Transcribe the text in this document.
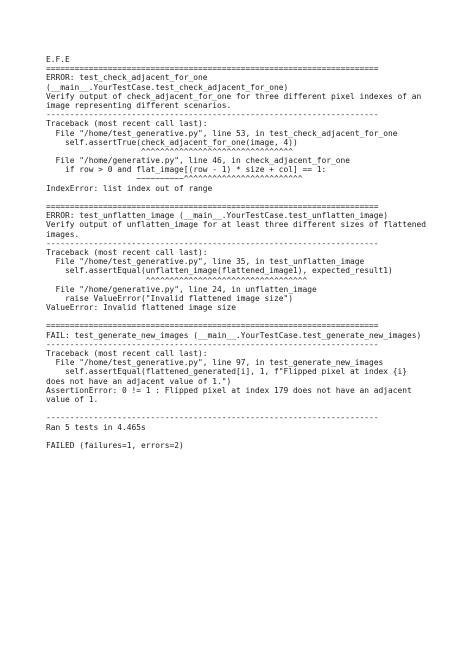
E.F.E
======================================================================
ERROR: test_check_adjacent_for_one
(__main__.YourTestCase.test_check_adjacent_for_one)
Verify output of check_adjacent_for_one for three different pixel indexes of an
image representing different scenarios.
----------------------------------------------------------------------
Traceback (most recent call last):
File "/home/test_generative.py", line 53, in test_check_adjacent_for_one
self.assertTrue(check_adjacent_for_one(image, 4))
^^^^^^^^^^^^^^^^^^^^^^^^^^^^^^^^
File "/home/generative.py", line 46, in check_adjacent_for_one
if row > 0 and flat_image[(row - 1) * size + col] == 1:
~~~~~~~~~~^^^^^^^^^^^^^^^^^^^^^^^^^
IndexError: list index out of range
======================================================================
ERROR: test_unflatten_image (__main__.YourTestCase.test_unflatten_image)
Verify output of unflatten_image for at least three different sizes of flattened
images.
----------------------------------------------------------------------
Traceback (most recent call last):
File "/home/test_generative.py", line 35, in test_unflatten_image
self.assertEqual(unflatten_image(flattened_image1), expected_result1)
^^^^^^^^^^^^^^^^^^^^^^^^^^^^^^^^^^
File "/home/generative.py", line 24, in unflatten_image
raise ValueError("Invalid flattened image size")
ValueError: Invalid flattened image size
======================================================================
FAIL: test_generate_new_images (__main__.YourTestCase.test_generate_new_images)
----------------------------------------------------------------------
Traceback (most recent call last):
File "/home/test_generative.py", line 97, in test_generate_new_images
self.assertEqual(flattened_generated[i], 1, f"Flipped pixel at index {i}
does not have an adjacent value of 1.")
AssertionError: 0 != 1 : Flipped pixel at index 179 does not have an adjacent
value of 1.
----------------------------------------------------------------------
Ran 5 tests in 4.465s
FAILED (failures=1, errors=2)
